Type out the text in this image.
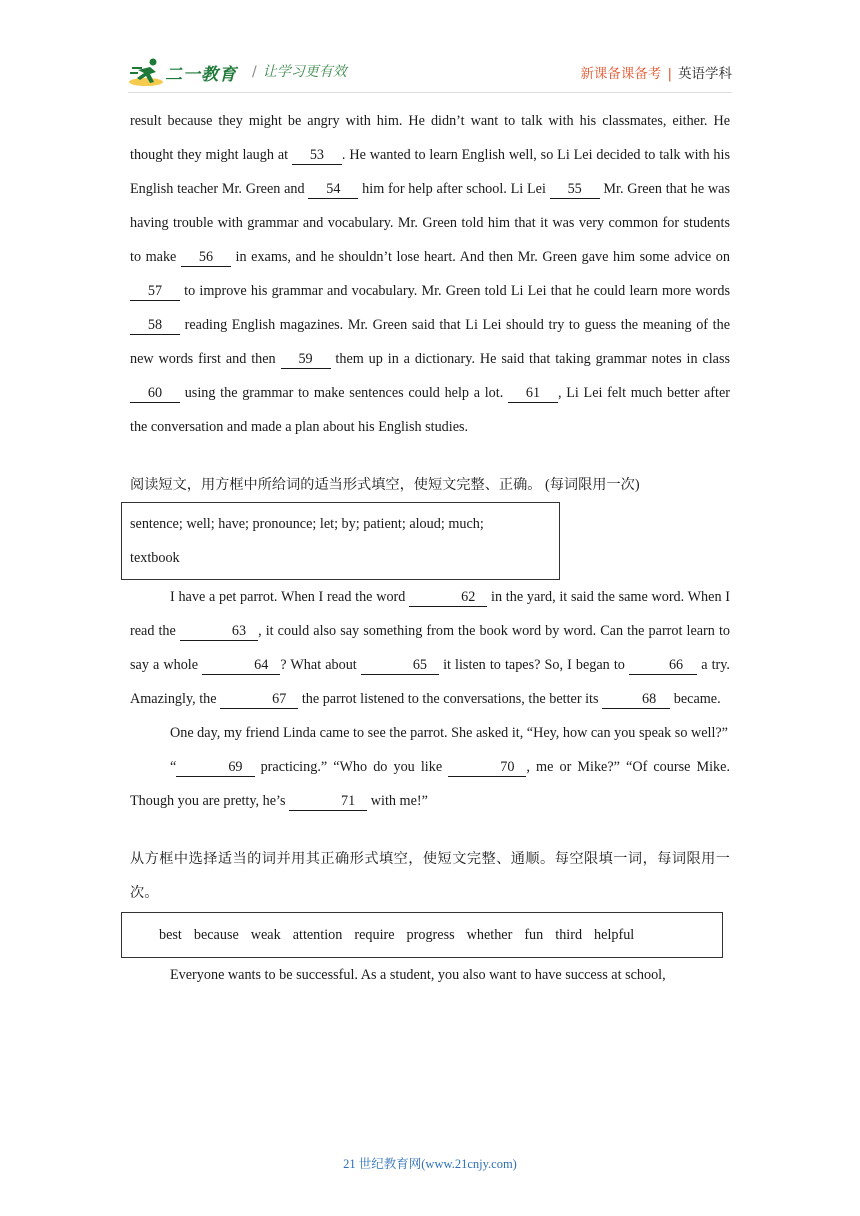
二一教育 / 让学习更有效	新课备课备考 | 英语学科

result because they might be angry with him. He didn’t want to talk with his classmates, either. He thought they might laugh at 53 . He wanted to learn English well, so Li Lei decided to talk with his English teacher Mr. Green and 54 him for help after school. Li Lei 55 Mr. Green that he was having trouble with grammar and vocabulary. Mr. Green told him that it was very common for students to make 56 in exams, and he shouldn’t lose heart. And then Mr. Green gave him some advice on 57 to improve his grammar and vocabulary. Mr. Green told Li Lei that he could learn more words 58 reading English magazines. Mr. Green said that Li Lei should try to guess the meaning of the new words first and then 59 them up in a dictionary. He said that taking grammar notes in class 60 using the grammar to make sentences could help a lot. 61 , Li Lei felt much better after the conversation and made a plan about his English studies.

阅读短文，用方框中所给词的适当形式填空，使短文完整、正确。 (每词限用一次)

sentence; well; have; pronounce; let; by; patient; aloud; much;

textbook

I have a pet parrot. When I read the word	62 in the yard, it said the same word. When I read the	63 , it could also say something from the book word by word. Can the parrot learn to say a whole	64 ? What about	65 it listen to tapes? So, I began to	66 a try. Amazingly, the	67 the parrot listened to the conversations, the better its	68 became.

One day, my friend Linda came to see the parrot. She asked it, “Hey, how can you speak so well?”

“	69 practicing.” “Who do you like	70 , me or Mike?” “Of course Mike. Though you are pretty, he’s	71 with me!”

从方框中选择适当的词并用其正确形式填空，使短文完整、通顺。每空限填一词，每词限用一次。
best because weak attention require progress whether fun third helpful

Everyone wants to be successful. As a student, you also want to have success at school,

21 世纪教育网(www.21cnjy.com)
